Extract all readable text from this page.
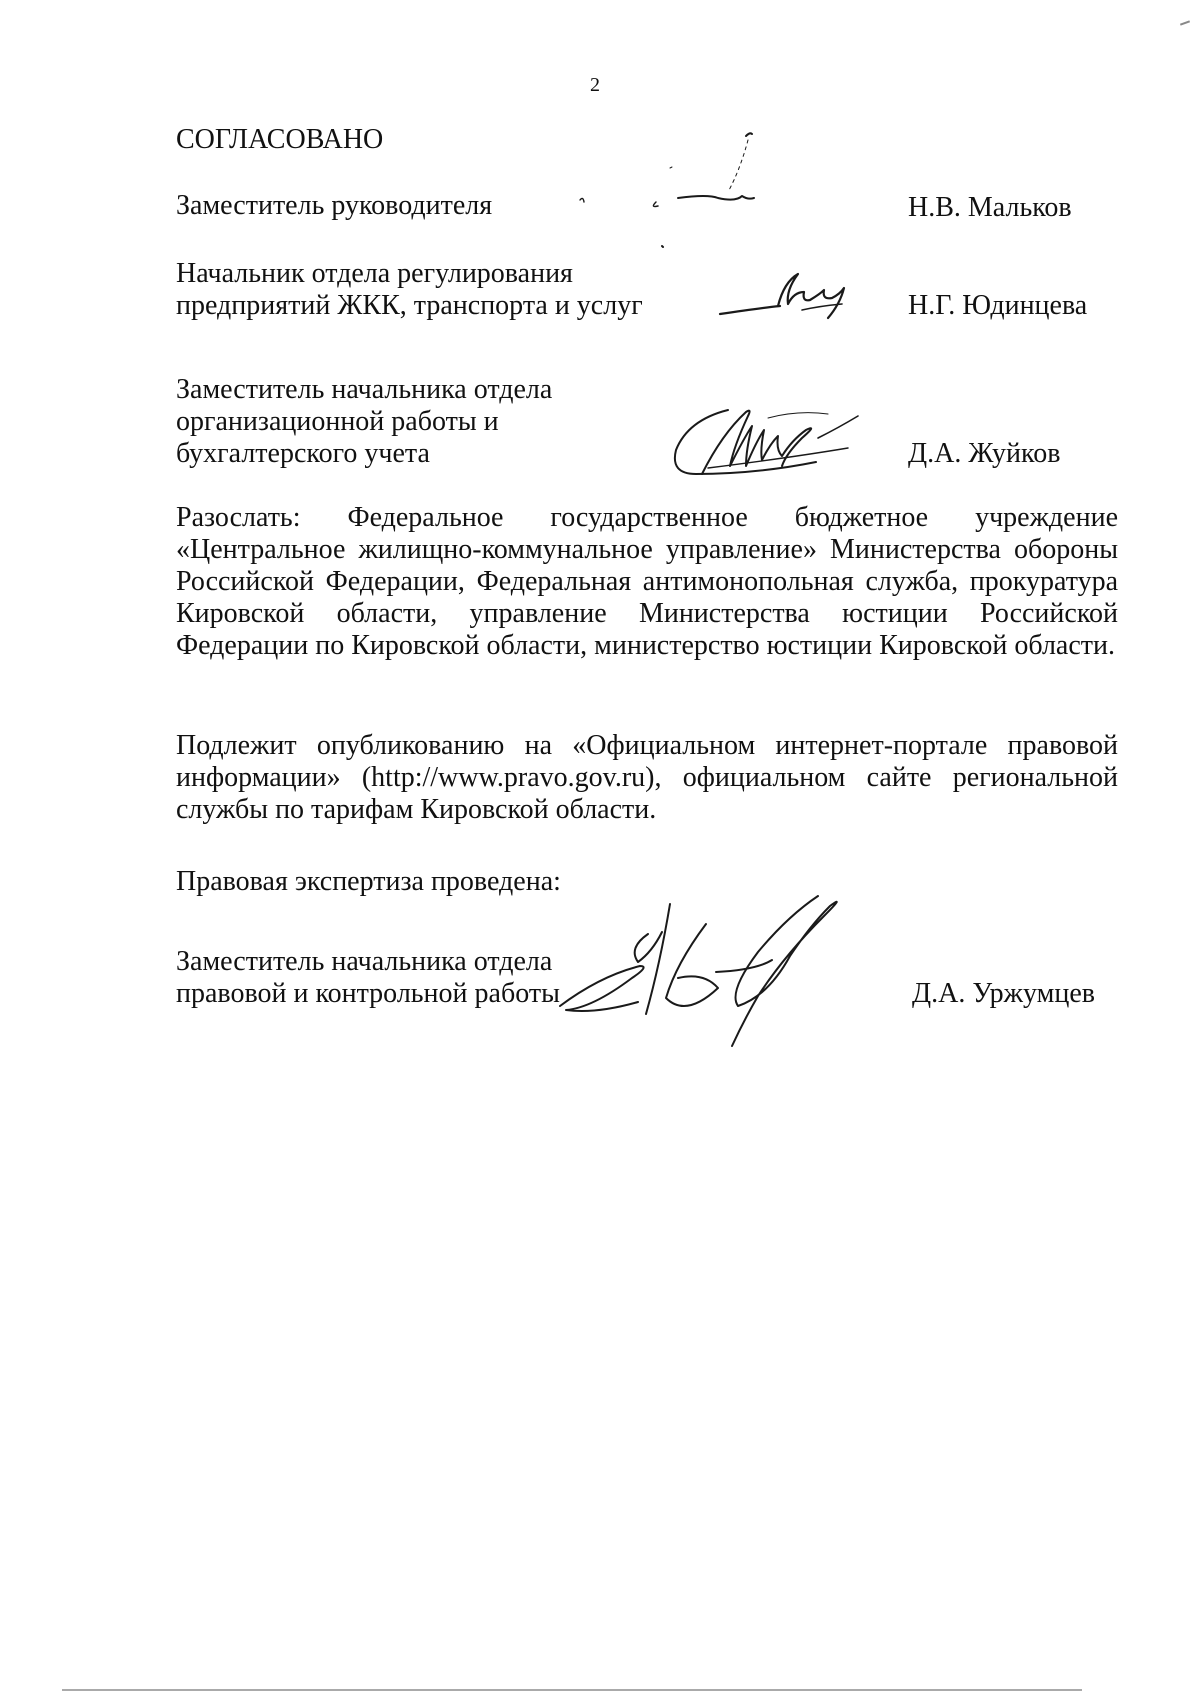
2
СОГЛАСОВАНО
Заместитель руководителя	Н.В. Мальков
Начальник отдела регулирования
предприятий ЖКК, транспорта и услуг	Н.Г. Юдинцева
Заместитель начальника отдела
организационной работы и
бухгалтерского учета	Д.А. Жуйков
Разослать: Федеральное государственное бюджетное учреждение «Центральное жилищно-коммунальное управление» Министерства обороны Российской Федерации, Федеральная антимонопольная служба, прокуратура Кировской области, управление Министерства юстиции Российской Федерации по Кировской области, министерство юстиции Кировской области.
Подлежит опубликованию на «Официальном интернет-портале правовой информации» (http://www.pravo.gov.ru), официальном сайте региональной службы по тарифам Кировской области.
Правовая экспертиза проведена:
Заместитель начальника отдела
правовой и контрольной работы	Д.А. Уржумцев
